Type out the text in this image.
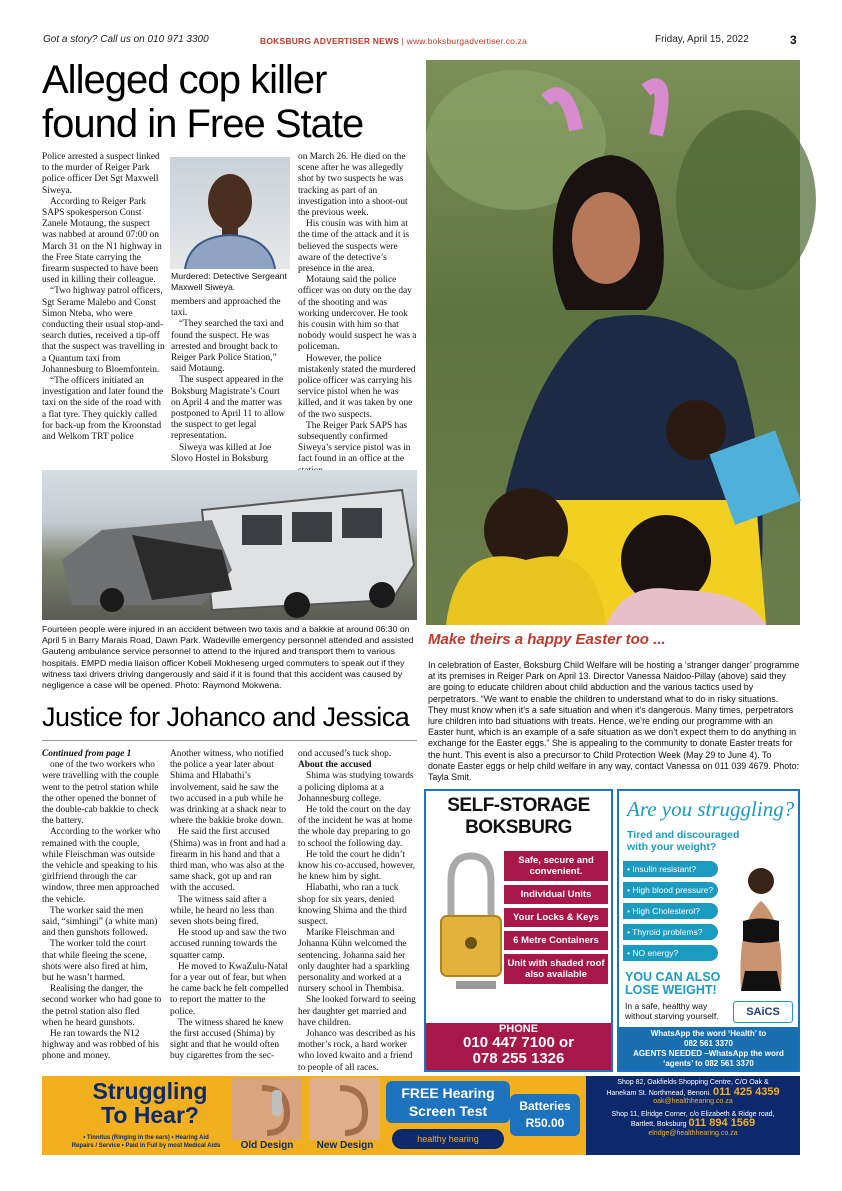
Got a story? Call us on 010 971 3300	BOKSBURG ADVERTISER NEWS | www.boksburgadvertiser.co.za	Friday, April 15, 2022	3
Alleged cop killer
found in Free State

Police arrested a suspect linked to the murder of Reiger Park police officer Det Sgt Maxwell Siweya.

According to Reiger Park SAPS spokesperson Const Zanele Motaung, the suspect was nabbed at around 07:00 on March 31 on the N1 highway in the Free State carrying the firearm suspected to have been used in killing their colleague.

“Two highway patrol officers, Sgt Serame Malebo and Const Simon Nteba, who were conducting their usual stop-and-search duties, received a tip-off that the suspect was travelling in a Quantum taxi from Johannesburg to Bloemfontein.

“The officers initiated an investigation and later found the taxi on the side of the road with a flat tyre. They quickly called for back-up from the Kroonstad and Welkom TRT police

Murdered: Detective Sergeant Maxwell Siweya.

members and approached the taxi.

“They searched the taxi and found the suspect. He was arrested and brought back to Reiger Park Police Station,” said Motaung.

The suspect appeared in the Boksburg Magistrate’s Court on April 4 and the matter was postponed to April 11 to allow the suspect to get legal representation.

Siweya was killed at Joe Slovo Hostel in Boksburg

on March 26. He died on the scene after he was allegedly shot by two suspects he was tracking as part of an investigation into a shoot-out the previous week.

His cousin was with him at the time of the attack and it is believed the suspects were aware of the detective’s presence in the area.

Motaung said the police officer was on duty on the day of the shooting and was working undercover. He took his cousin with him so that nobody would suspect he was a policeman.

However, the police mistakenly stated the murdered police officer was carrying his service pistol when he was killed, and it was taken by one of the two suspects.

The Reiger Park SAPS has subsequently confirmed Siweya’s service pistol was in fact found in an office at the

Fourteen people were injured in an accident between two taxis and a bakkie at around 06:30 on April 5 in Barry Marais Road, Dawn Park. Wadeville emergency personnel attended and assisted Gauteng ambulance service personnel to attend to the injured and transport them to various hospitals. EMPD media liaison officer Kobeli Mokheseng urged commuters to speak out if they witness taxi drivers driving dangerously and said if it is found that this accident was caused by negligence a case will be opened. Photo: Raymond Mokwena.
Make theirs a happy Easter too ...
In celebration of Easter, Boksburg Child Welfare will be hosting a ‘stranger danger’ programme at its premises in Reiger Park on April 13. Director Vanessa Naidoo-Pillay (above) said they are going to educate children about child abduction and the various tactics used by perpetrators. “We want to enable the children to understand what to do in risky situations. They must know when it’s a safe situation and when it’s dangerous. Many times, perpetrators lure children into bad situations with treats. Hence, we’re ending our programme with an Easter hunt, which is an example of a safe situation as we don’t expect them to do anything in exchange for the Easter eggs.” She is appealing to the community to donate Easter treats for the hunt. This event is also a precursor to Child Protection Week (May 29 to June 4). To donate Easter eggs or help child welfare in any way, contact Vanessa on 011 039 4679. Photo: Tayla Smit.
Justice for Johanco and Jessica

Continued from page 1

one of the two workers who were travelling with the couple went to the petrol station while the other opened the bonnet of the double-cab bakkie to check the battery.

According to the worker who remained with the couple, while Fleischman was outside the vehicle and speaking to his girlfriend through the car window, three men approached the vehicle.

The worker said the men said, “simhingi” (a white man) and then gunshots followed.

The worker told the court that while fleeing the scene, shots were also fired at him, but he wasn’t harmed.

Realising the danger, the second worker who had gone to the petrol station also fled when he heard gunshots.

He ran towards the N12 highway and was robbed of his phone and money.

Another witness, who notified the police a year later about Shima and Hlabathi’s involvement, said he saw the two accused in a pub while he was drinking at a shack near to where the bakkie broke down.

He said the first accused (Shima) was in front and had a firearm in his hand and that a third man, who was also at the same shack, got up and ran with the accused.

The witness said after a while, he heard no less than seven shots being fired.

He stood up and saw the two accused running towards the squatter camp.

He moved to KwaZulu-Natal for a year out of fear, but when he came back he felt compelled to report the matter to the police.

The witness shared he knew the first accused (Shima) by sight and that he would often buy cigarettes from the sec-

ond accused’s tuck shop.

About the accused

Shima was studying towards a policing diploma at a Johannesburg college.

He told the court on the day of the incident he was at home the whole day preparing to go to school the following day.

He told the court he didn’t know his co-accused, however, he knew him by sight.

Hlabathi, who ran a tuck shop for six years, denied knowing Shima and the third suspect.

Marike Fleischman and Johanna Kühn welcomed the sentencing. Johanna said her only daughter had a sparkling personality and worked at a nursery school in Thembisa.

She looked forward to seeing her daughter get married and have children.

Johanco was described as his mother’s rock, a hard worker who loved kwaito and a friend to people of all races.

SELF-STORAGE
BOKSBURG
Safe, secure and convenient.
Individual Units
Your Locks & Keys
6 Metre Containers
Unit with shaded roof also available
PHONE
010 447 7100 or
078 255 1326
Are you struggling?
Tired and discouraged
with your weight?
• Insulin resistant?
• High blood pressure?
• High Cholesterol?
• Thyroid problems?
• NO energy?
YOU CAN ALSO
LOSE WEIGHT!
In a safe, healthy way
without starving yourself.	SAiCS
WhatsApp the word ‘Health’ to
082 561 3370
AGENTS NEEDED –WhatsApp the word
‘agents’ to 082 561 3370
Struggling
To Hear?
• Tinnitus (Ringing in the ears) • Hearing Aid
Repairs / Service • Paid in Full by most Medical Aids	Old Design	New Design
FREE Hearing
Screen Test
healthy hearing
Batteries
R50.00
Shop 82, Oakfields Shopping Centre, C/O Oak &
Hanekam St. Northmead, Benoni. 011 425 4359
oak@healthhearing.co.za
Shop 11, Elridge Corner, c/o Elizabeth & Ridge road,
Bartlett, Boksburg 011 894 1569
elridge@healthhearing.co.za
